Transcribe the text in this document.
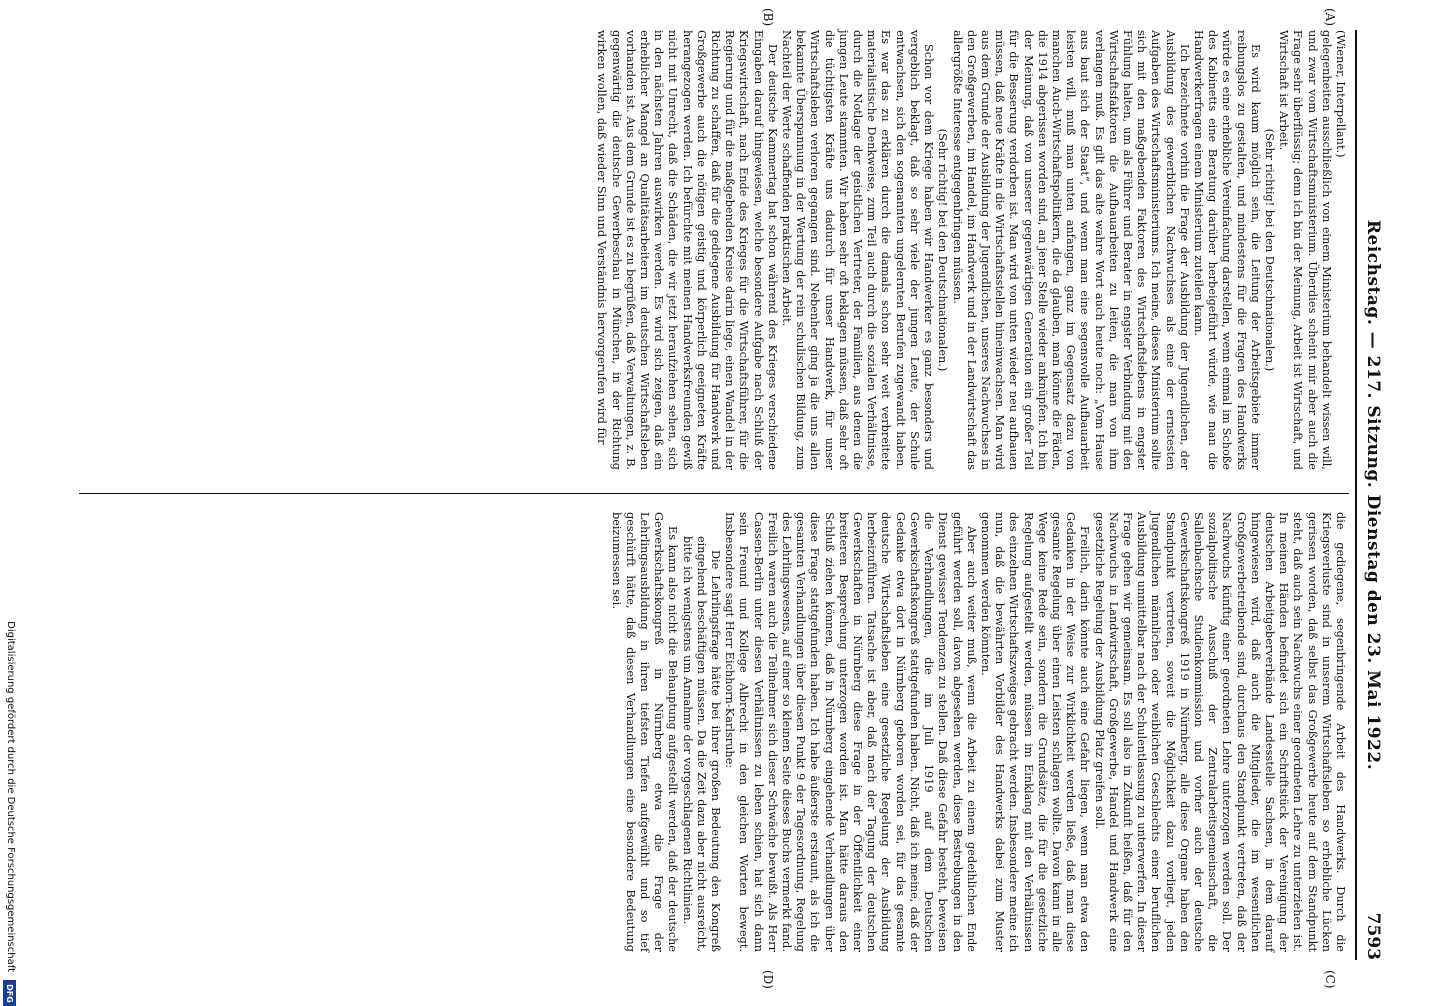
Reichstag. — 217. Sitzung. Dienstag den 23. Mai 1922.
7593
(A)
(B)
(C)
(D)

(Wiener, Interpellant.)

gelegenheiten ausschließlich von einem Ministerium behandelt wissen will, und zwar vom Wirtschaftsministerium. Überdies scheint mir aber auch die Frage sehr überflüssig; denn ich bin der Meinung, Arbeit ist Wirtschaft, und Wirtschaft ist Arbeit.

(Sehr richtig! bei den Deutschnationalen.)

Es wird kaum möglich sein, die Leitung der Arbeitsgebiete immer reibungslos zu gestalten, und mindestens für die Fragen des Handwerks würde es eine erhebliche Vereinfachung darstellen, wenn einmal im Schoße des Kabinetts eine Beratung darüber herbeigeführt würde, wie man die Handwerkerfragen einem Ministerium zuteilen kann.

Ich bezeichnete vorhin die Frage der Ausbildung der Jugendlichen, der Ausbildung des gewerblichen Nachwuchses als eine der ernstesten Aufgaben des Wirtschaftsministeriums. Ich meine, dieses Ministerium sollte sich mit den maßgebenden Faktoren des Wirtschaftslebens in engster Fühlung halten, um als Führer und Berater in engster Verbindung mit den Wirtschaftsfaktoren die Aufbauarbeiten zu leiten, die man von ihm verlangen muß. Es gilt das alte wahre Wort auch heute noch: „Vom Hause aus baut sich der Staat“, und wenn man eine segensvolle Aufbauarbeit leisten will, muß man unten anfangen, ganz im Gegensatz dazu von manchen Auch-Wirtschaftspolitikern, die da glauben, man könne die Fäden, die 1914 abgerissen worden sind, an jener Stelle wieder anknüpfen. Ich bin der Meinung, daß von unserer gegenwärtigen Generation ein großer Teil für die Besserung verdorben ist. Man wird von unten wieder neu aufbauen müssen, daß neue Kräfte in die Wirtschaftsstellen hineinwachsen. Man wird aus dem Grunde der Ausbildung der Jugendlichen, unseres Nachwuchses in den Großgewerben, im Handel, im Handwerk und in der Landwirtschaft das allergrößte Interesse entgegenbringen müssen.

(Sehr richtig! bei den Deutschnationalen.)

Schon vor dem Kriege haben wir Handwerker es ganz besonders und vergeblich beklagt, daß so sehr viele der jungen Leute, der Schule entwachsen, sich den sogenannten ungelernten Berufen zugewandt haben. Es war das zu erklären durch die damals schon sehr weit verbreitete materialistische Denkweise, zum Teil auch durch die sozialen Verhältnisse, durch die Notlage der geistlichen Vertreter, der Familien, aus denen die jungen Leute stammten. Wir haben sehr oft beklagen müssen, daß sehr oft die tüchtigsten Kräfte uns dadurch für unser Handwerk, für unser Wirtschaftsleben verloren gegangen sind. Nebenher ging ja die uns allen bekannte Überspannung in der Wertung der rein schulischen Bildung, zum Nachteil der Werte schaffenden praktischen Arbeit.

Der deutsche Kammertag hat schon während des Krieges verschiedene Eingaben darauf hingewiesen, welche besondere Aufgabe nach Schluß der Kriegswirtschaft, nach Ende des Krieges für die Wirtschaftsführer, für die Regierung und für die maßgebenden Kreise darin liege, einen Wandel in der Richtung zu schaffen, daß für die gediegene Ausbildung für Handwerk und Großgewerbe auch die nötigen geistig und körperlich geeigneten Kräfte herangezogen werden. Ich befürchte mit meinen Handwerksfreunden gewiß nicht mit Unrecht, daß die Schäden, die wir jetzt heraufziehen sehen, sich in den nächsten Jahren auswirken werden. Es wird sich zeigen, daß ein erheblicher Mangel an Qualitätsarbeitern im deutschen Wirtschaftsleben vorhanden ist. Aus dem Grunde ist es zu begrüßen, daß Verwaltungen, z. B. gegenwärtig die deutsche Gewerbeschau in München, in der Richtung wirken wollen, daß wieder Sinn und Verständnis hervorgerufen wird für

die gediegene, segenbringende Arbeit des Handwerks. Durch die Kriegsverluste sind in unserem Wirtschaftsleben so erhebliche Lücken gerissen worden, daß selbst das Großgewerbe heute auf dem Standpunkt steht, daß auch sein Nachwuchs einer geordneten Lehre zu unterziehen ist. In meinen Händen befindet sich ein Schriftstück der Vereinigung der deutschen Arbeitgeberverbände Landesstelle Sachsen, in dem darauf hingewiesen wird, daß auch die Mitglieder, die im wesentlichen Großgewerbetreibende sind, durchaus den Standpunkt vertreten, daß der Nachwuchs künftig einer geordneten Lehre unterzogen werden soll. Der sozialpolitische Ausschuß der Zentralarbeitsgemeinschaft, die Sallenbachsche Studienkommission und vorher auch der deutsche Gewerkschaftskongreß 1919 in Nürnberg, alle diese Organe haben den Standpunkt vertreten, soweit die Möglichkeit dazu vorliegt, jeden Jugendlichen männlichen oder weiblichen Geschlechts einer beruflichen Ausbildung unmittelbar nach der Schulentlassung zu unterwerfen. In dieser Frage gehen wir gemeinsam. Es soll also in Zukunft heißen, daß für den Nachwuchs in Landwirtschaft, Großgewerbe, Handel und Handwerk eine gesetzliche Regelung der Ausbildung Platz greifen soll.

Freilich, darin könnte auch eine Gefahr liegen, wenn man etwa den Gedanken in der Weise zur Wirklichkeit werden ließe, daß man diese gesamte Regelung über einen Leisten schlagen wollte. Davon kann in alle Wege keine Rede sein, sondern die Grundsätze, die für die gesetzliche Regelung aufgestellt werden, müssen im Einklang mit den Verhältnissen des einzelnen Wirtschaftszweiges gebracht werden. Insbesondere meine ich nun, daß die bewährten Vorbilder des Handwerks dabei zum Muster genommen werden könnten.

Aber auch weiter muß, wenn die Arbeit zu einem gedeihlichen Ende geführt werden soll, davon abgesehen werden, diese Bestrebungen in den Dienst gewisser Tendenzen zu stellen. Daß diese Gefahr besteht, beweisen die Verhandlungen, die im Juli 1919 auf dem Deutschen Gewerkschaftskongreß stattgefunden haben. Nicht, daß ich meine, daß der Gedanke etwa dort in Nürnberg geboren worden sei, für das gesamte deutsche Wirtschaftsleben eine gesetzliche Regelung der Ausbildung herbeizuführen. Tatsache ist aber, daß nach der Tagung der deutschen Gewerkschaften in Nürnberg diese Frage in der Öffentlichkeit einer breiteren Besprechung unterzogen worden ist. Man hätte daraus den Schluß ziehen können, daß in Nürnberg eingehende Verhandlungen über diese Frage stattgefunden haben. Ich habe äußerste erstaunt, als ich die gesamten Verhandlungen über diesen Punkt 9 der Tagesordnung, Regelung des Lehrlingswesens, auf einer so kleinen Seite dieses Buchs vermerkt fand. Freilich waren auch die Teilnehmer sich dieser Schwäche bewußt. Als Herr Cassen-Berlin unter diesen Verhältnissen zu leben schien, hat sich dann sein Freund und Kollege Albrecht in den gleichen Worten bewegt. Insbesondere sagt Herr Eichhorn-Karlsruhe:

Die Lehrlingsfrage hätte bei ihrer großen Bedeutung den Kongreß eingehend beschäftigen müssen. Da die Zeit dazu aber nicht ausreicht, bitte ich wenigstens um Annahme der vorgeschlagenen Richtlinien.

Es kann also nicht die Behauptung aufgestellt werden, daß der deutsche Gewerkschaftskongreß in Nürnberg etwa die Frage der Lehrlingsausbildung in ihren tiefsten Tiefen aufgewühlt und so tief geschürft hätte, daß diesen Verhandlungen eine besondere Bedeutung beizumessen sei.

Digitalisierung gefördert durch die Deutsche Forschungsgemeinschaft
DFG
